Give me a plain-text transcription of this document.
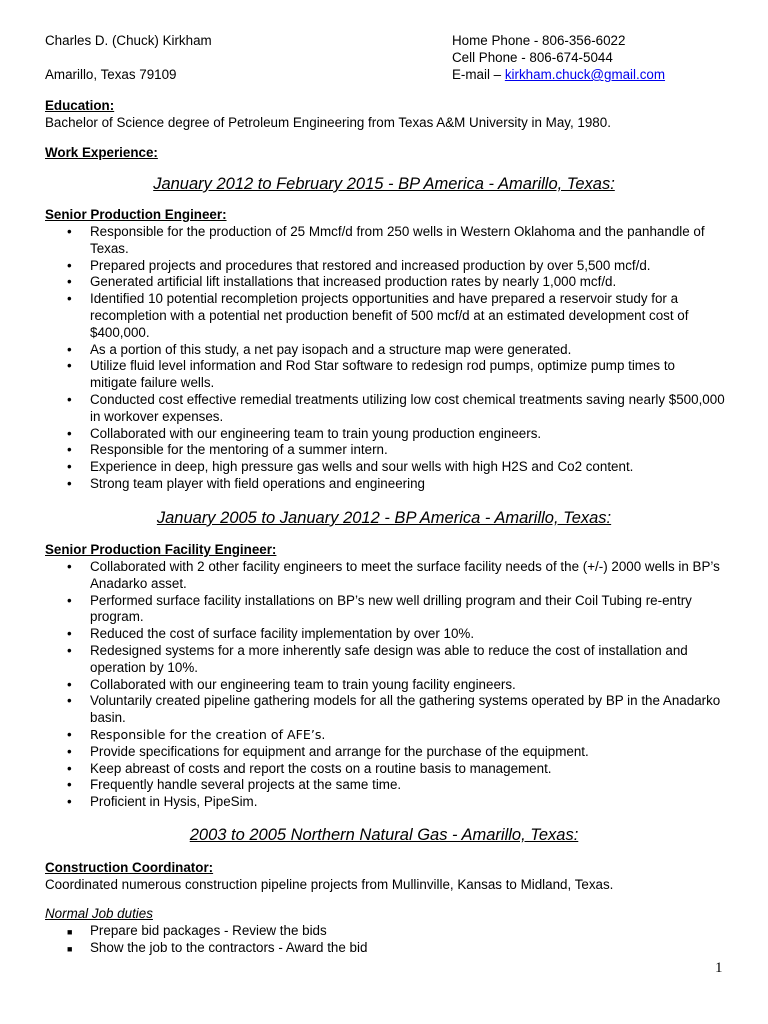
Charles D. (Chuck) Kirkham
Amarillo, Texas 79109
Home Phone - 806-356-6022
Cell Phone - 806-674-5044
E-mail – kirkham.chuck@gmail.com
Education:
Bachelor of Science degree of Petroleum Engineering from Texas A&M University in May, 1980.
Work Experience:
January 2012 to February 2015 - BP America - Amarillo, Texas:
Senior Production Engineer:
• Responsible for the production of 25 Mmcf/d from 250 wells in Western Oklahoma and the panhandle of Texas.
• Prepared projects and procedures that restored and increased production by over 5,500 mcf/d.
• Generated artificial lift installations that increased production rates by nearly 1,000 mcf/d.
• Identified 10 potential recompletion projects opportunities and have prepared a reservoir study for a recompletion with a potential net production benefit of 500 mcf/d at an estimated development cost of $400,000.
• As a portion of this study, a net pay isopach and a structure map were generated.
• Utilize fluid level information and Rod Star software to redesign rod pumps, optimize pump times to mitigate failure wells.
• Conducted cost effective remedial treatments utilizing low cost chemical treatments saving nearly $500,000 in workover expenses.
• Collaborated with our engineering team to train young production engineers.
• Responsible for the mentoring of a summer intern.
• Experience in deep, high pressure gas wells and sour wells with high H2S and Co2 content.
• Strong team player with field operations and engineering
January 2005 to January 2012 - BP America - Amarillo, Texas:
Senior Production Facility Engineer:
• Collaborated with 2 other facility engineers to meet the surface facility needs of the (+/-) 2000 wells in BP’s Anadarko asset.
• Performed surface facility installations on BP’s new well drilling program and their Coil Tubing re-entry program.
• Reduced the cost of surface facility implementation by over 10%.
• Redesigned systems for a more inherently safe design was able to reduce the cost of installation and operation by 10%.
• Collaborated with our engineering team to train young facility engineers.
• Voluntarily created pipeline gathering models for all the gathering systems operated by BP in the Anadarko basin.
• Responsible for the creation of AFE’s.
• Provide specifications for equipment and arrange for the purchase of the equipment.
• Keep abreast of costs and report the costs on a routine basis to management.
• Frequently handle several projects at the same time.
• Proficient in Hysis, PipeSim.
2003 to 2005 Northern Natural Gas - Amarillo, Texas:
Construction Coordinator:
Coordinated numerous construction pipeline projects from Mullinville, Kansas to Midland, Texas.
Normal Job duties
■ Prepare bid packages - Review the bids
■ Show the job to the contractors - Award the bid
1
